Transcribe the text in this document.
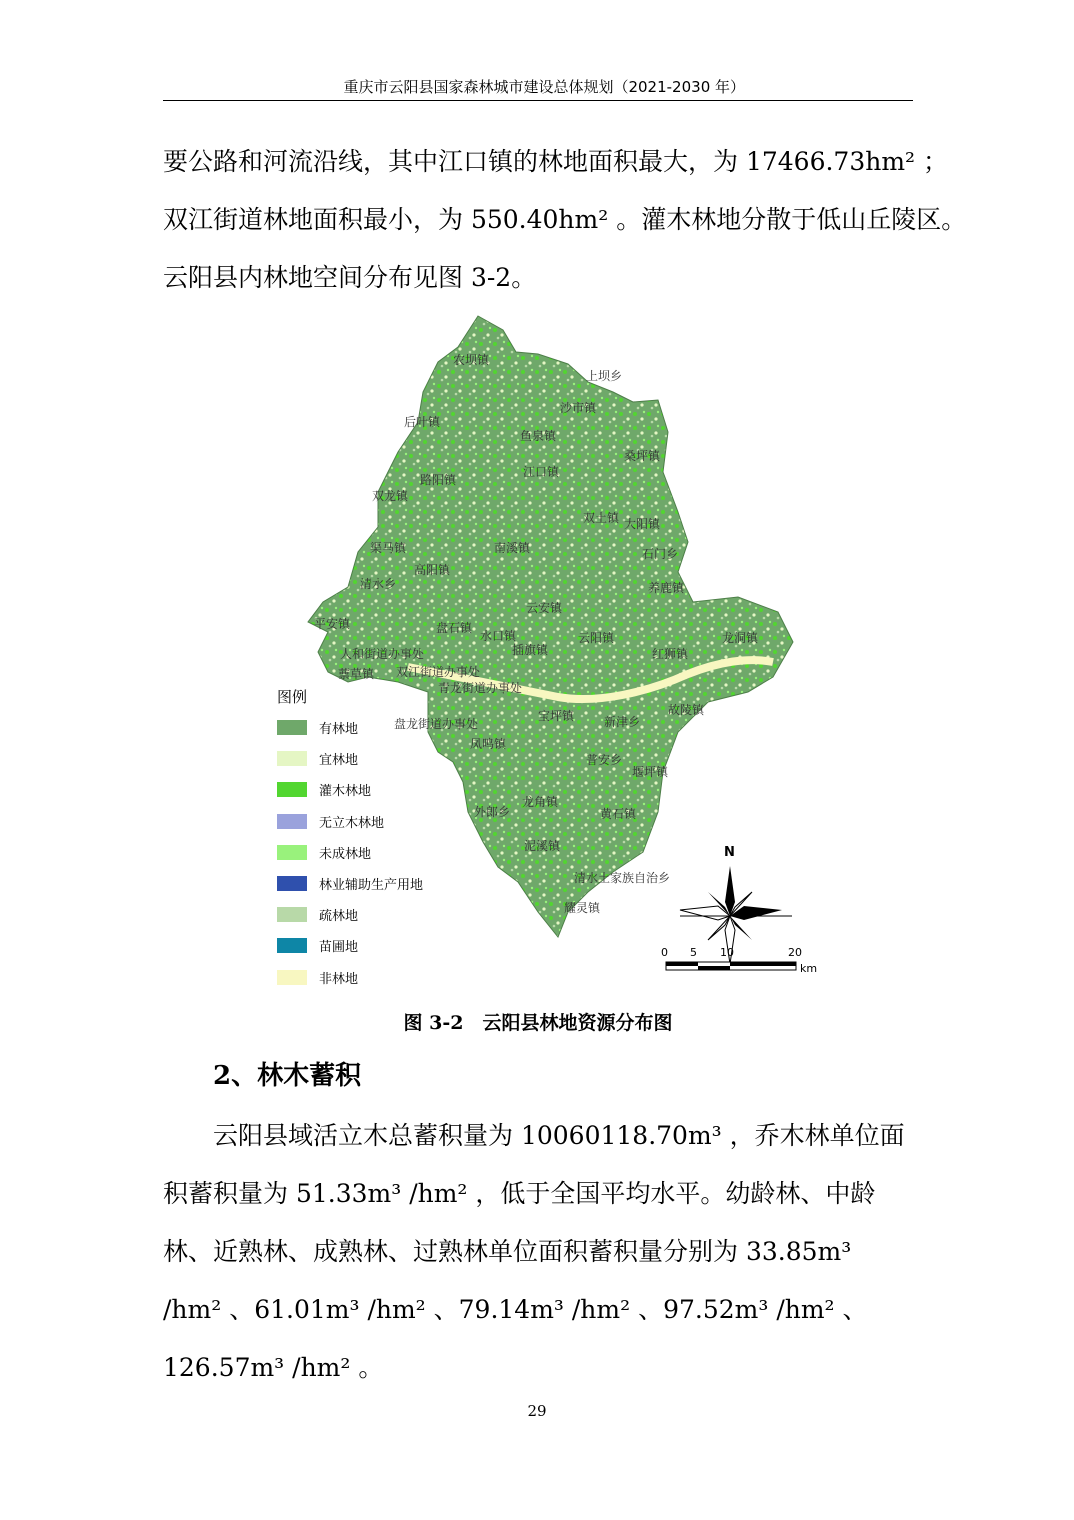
重庆市云阳县国家森林城市建设总体规划（2021-2030 年）
要公路和河流沿线，其中江口镇的林地面积最大，为 17466.73hm² ；
双江街道林地面积最小，为 550.40hm² 。灌木林地分散于低山丘陵区。
云阳县内林地空间分布见图 3-2。
农坝镇
上坝乡
沙市镇
后叶镇
鱼泉镇
桑坪镇
路阳镇
江口镇
双龙镇
双土镇 大阳镇
渠马镇
高阳镇
南溪镇	石门乡
养鹿镇
清水乡
平安镇
云安镇
盘石镇
水口镇	云阳镇	龙洞镇
人和街道办事处	插旗镇	红狮镇
双江街道办事处
青龙街道办事处
宝坪镇
蔈草镇
故陵镇
盘龙街道办事处
凤鸣镇
新津乡
普安乡
堰坪镇
龙角镇
外郎乡	黄石镇
泥溪镇
清水土家族自治乡
耀灵镇
N
0 5 10	20
km
图例
有林地
宜林地
灌木林地
无立木林地
未成林地
林业辅助生产用地
疏林地
苗圃地
非林地
图 3-2　云阳县林地资源分布图
2、林木蓄积
云阳县域活立木总蓄积量为 10060118.70m³ ，乔木林单位面积蓄积量为 51.33m³ /hm² ，低于全国平均水平。幼龄林、中龄林、近熟林、成熟林、过熟林单位面积蓄积量分别为 33.85m³ /hm² 、61.01m³ /hm² 、79.14m³ /hm² 、97.52m³ /hm² 、126.57m³ /hm² 。
29
